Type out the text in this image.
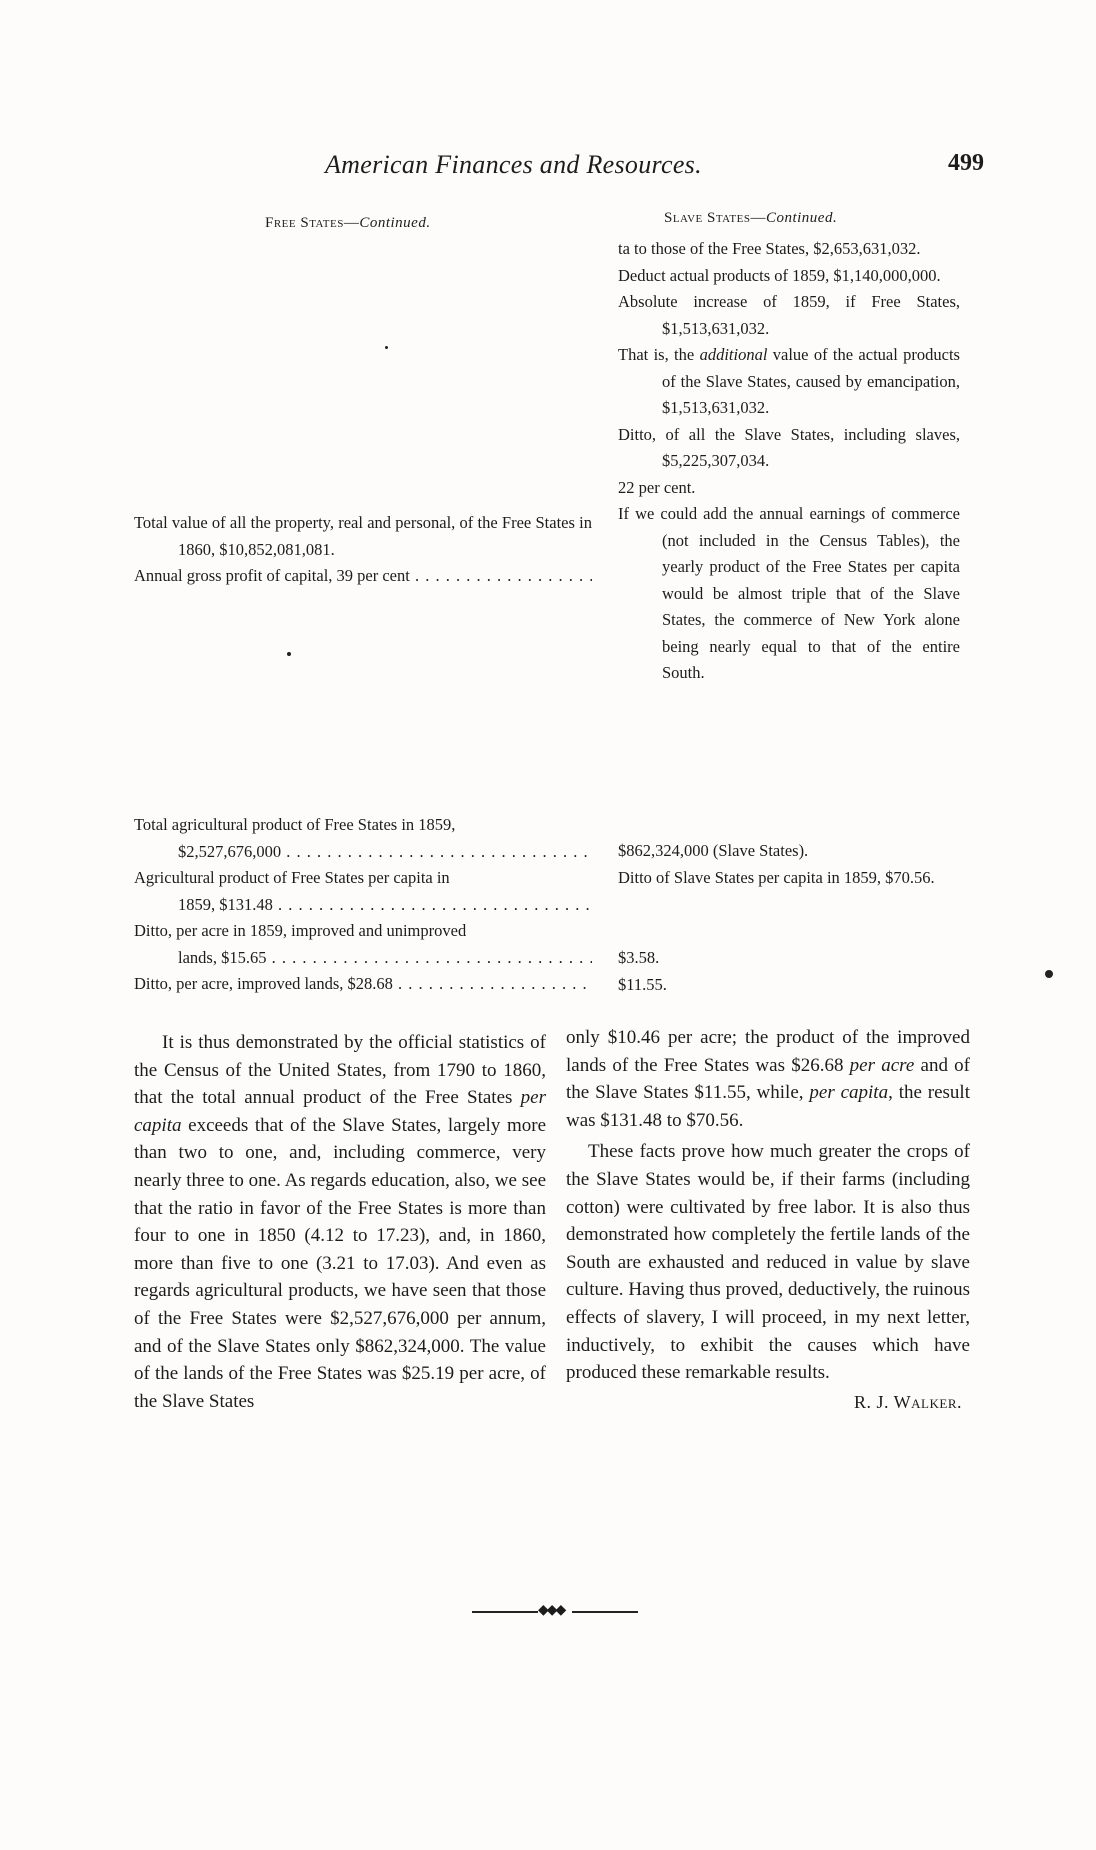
American Finances and Resources.	499
Free States—Continued.	Slave States—Continued.
Total value of all the property, real and personal, of the Free States in 1860, $10,852,081,081.
Annual gross profit of capital, 39 per cent . . .
Total agricultural product of Free States in 1859,
$2,527,676,000 . . .
Agricultural product of Free States per capita in
1859, $131.48 . . .
Ditto, per acre in 1859, improved and unimproved
lands, $15.65 . . .
Ditto, per acre, improved lands, $28.68 . . .
ta to those of the Free States, $2,653,631,032.
Deduct actual products of 1859, $1,140,000,000.
Absolute increase of 1859, if Free States, $1,513,631,032.
That is, the additional value of the actual products of the Slave States, caused by emancipation, $1,513,631,032.
Ditto, of all the Slave States, including slaves, $5,225,307,034.
22 per cent.
If we could add the annual earnings of commerce (not included in the Census Tables), the yearly product of the Free States per capita would be almost triple that of the Slave States, the commerce of New York alone being nearly equal to that of the entire South.
$862,324,000 (Slave States).
Ditto of Slave States per capita in 1859, $70.56.
$3.58.
$11.55.

It is thus demonstrated by the official statistics of the Census of the United States, from 1790 to 1860, that the total annual product of the Free States per capita exceeds that of the Slave States, largely more than two to one, and, including commerce, very nearly three to one. As regards education, also, we see that the ratio in favor of the Free States is more than four to one in 1850 (4.12 to 17.23), and, in 1860, more than five to one (3.21 to 17.03). And even as regards agricultural products, we have seen that those of the Free States were $2,527,676,000 per annum, and of the Slave States only $862,324,000. The value of the lands of the Free States was $25.19 per acre, of the Slave States

only $10.46 per acre; the product of the improved lands of the Free States was $26.68 per acre and of the Slave States $11.55, while, per capita, the result was $131.48 to $70.56.

These facts prove how much greater the crops of the Slave States would be, if their farms (including cotton) were cultivated by free labor. It is also thus demonstrated how completely the fertile lands of the South are exhausted and reduced in value by slave culture. Having thus proved, deductively, the ruinous effects of slavery, I will proceed, in my next letter, inductively, to exhibit the causes which have produced these remarkable results.

R. J. Walker.
◆◆◆
